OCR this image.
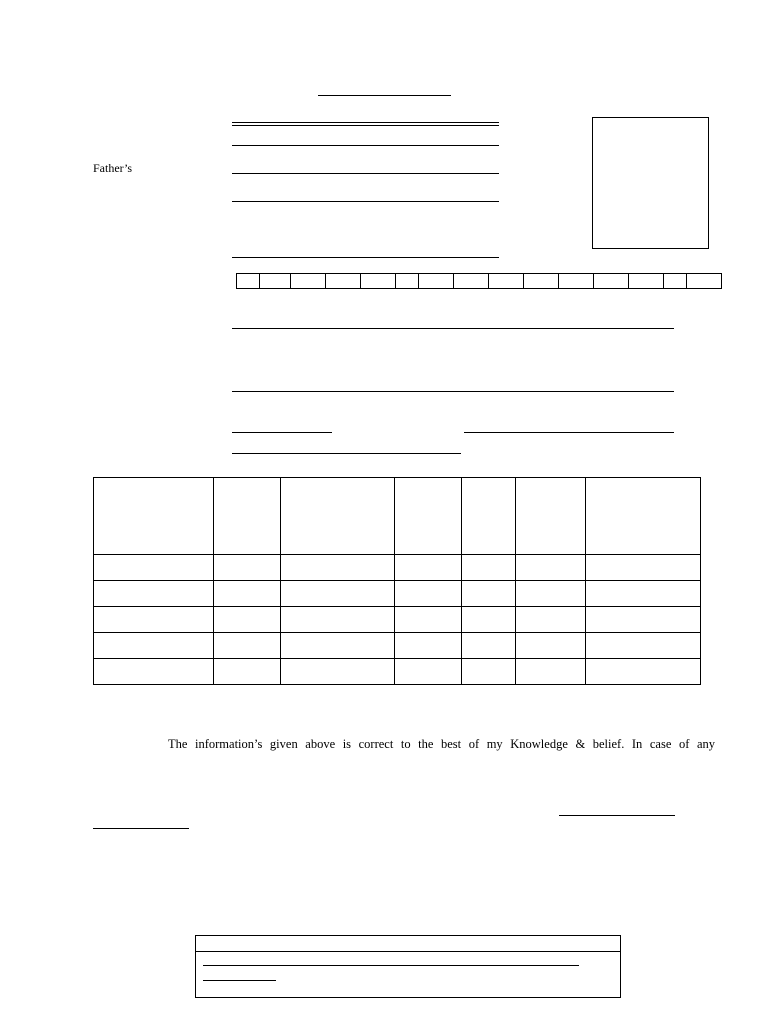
Father’s

The information’s given above is correct to the best of my Knowledge & belief. In case of any
